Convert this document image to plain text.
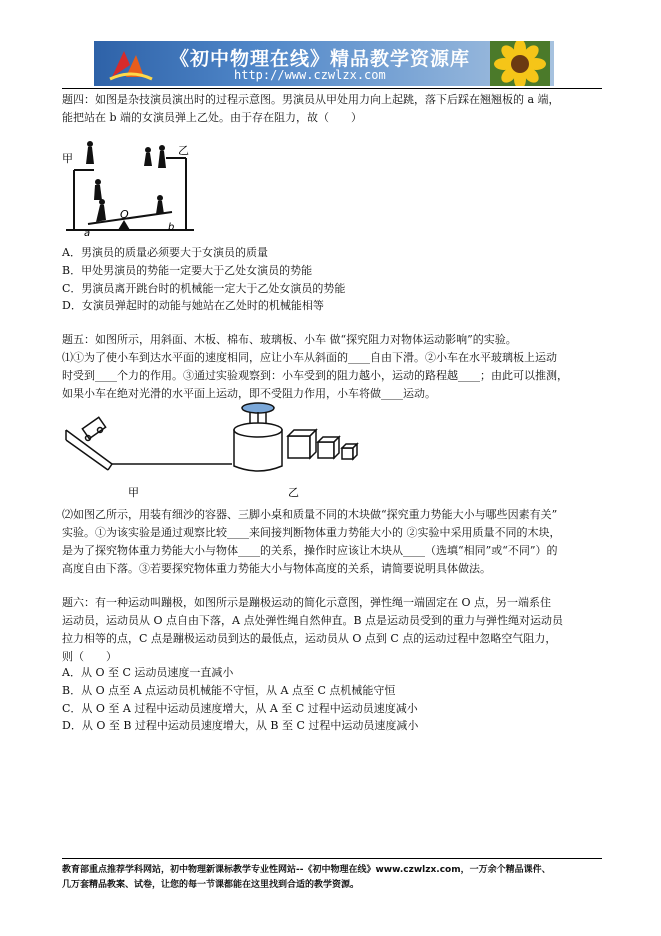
《初中物理在线》精品教学资源库
http://www.czwlzx.com
题四：如图是杂技演员演出时的过程示意图。男演员从甲处用力向上起跳，落下后踩在翘翘板的 a 端，
能把站在 b 端的女演员弹上乙处。由于存在阻力，故（　　）
甲
乙
a
O
b
A．男演员的质量必须要大于女演员的质量
B．甲处男演员的势能一定要大于乙处女演员的势能
C．男演员离开跳台时的机械能一定大于乙处女演员的势能
D．女演员弹起时的动能与她站在乙处时的机械能相等
题五：如图所示，用斜面、木板、棉布、玻璃板、小车 做“探究阻力对物体运动影响”的实验。
⑴①为了使小车到达水平面的速度相同，应让小车从斜面的____自由下滑。②小车在水平玻璃板上运动
时受到____个力的作用。③通过实验观察到：小车受到的阻力越小，运动的路程越____；由此可以推测，
如果小车在绝对光滑的水平面上运动，即不受阻力作用，小车将做____运动。
甲	乙
⑵如图乙所示，用装有细沙的容器、三脚小桌和质量不同的木块做“探究重力势能大小与哪些因素有关”
实验。①为该实验是通过观察比较____来间接判断物体重力势能大小的 ②实验中采用质量不同的木块，
是为了探究物体重力势能大小与物体____的关系，操作时应该让木块从____（选填“相同”或“不同”）的
高度自由下落。③若要探究物体重力势能大小与物体高度的关系，请简要说明具体做法。
题六：有一种运动叫蹦极，如图所示是蹦极运动的简化示意图，弹性绳一端固定在 O 点，另一端系住
运动员，运动员从 O 点自由下落，A 点处弹性绳自然伸直。B 点是运动员受到的重力与弹性绳对运动员
拉力相等的点，C 点是蹦极运动员到达的最低点，运动员从 O 点到 C 点的运动过程中忽略空气阻力，
则（　　）
A．从 O 至 C 运动员速度一直减小
B．从 O 点至 A 点运动员机械能不守恒，从 A 点至 C 点机械能守恒
C．从 O 至 A 过程中运动员速度增大，从 A 至 C 过程中运动员速度减小
D．从 O 至 B 过程中运动员速度增大，从 B 至 C 过程中运动员速度减小
教育部重点推荐学科网站，初中物理新课标教学专业性网站--《初中物理在线》www.czwlzx.com，一万余个精品课件、
几万套精品教案、试卷，让您的每一节课都能在这里找到合适的教学资源。
